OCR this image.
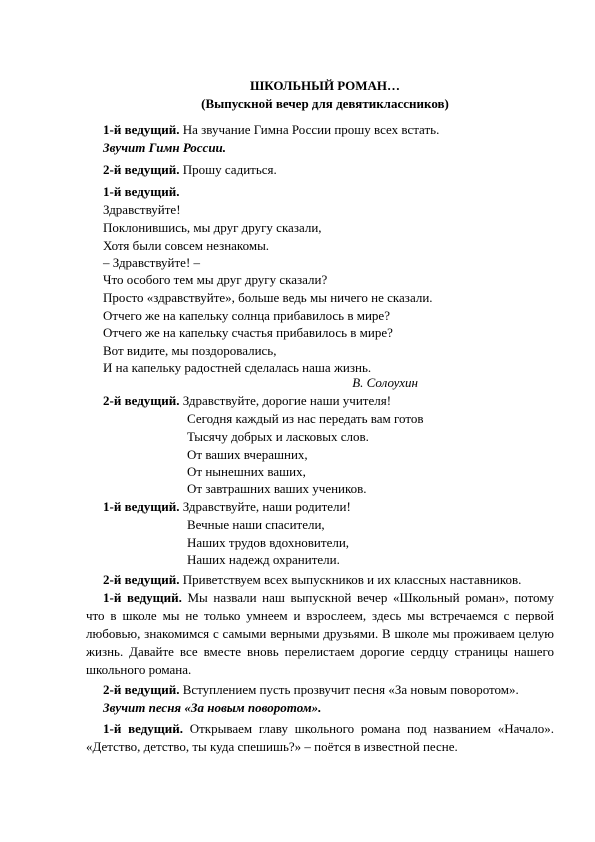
ШКОЛЬНЫЙ РОМАН…
(Выпускной вечер для девятиклассников)
1-й ведущий. На звучание Гимна России прошу всех встать.
Звучит Гимн России.
2-й ведущий. Прошу садиться.
1-й ведущий.
Здравствуйте!
Поклонившись, мы друг другу сказали,
Хотя были совсем незнакомы.
– Здравствуйте! –
Что особого тем мы друг другу сказали?
Просто «здравствуйте», больше ведь мы ничего не сказали.
Отчего же на капельку солнца прибавилось в мире?
Отчего же на капельку счастья прибавилось в мире?
Вот видите, мы поздоровались,
И на капельку радостней сделалась наша жизнь.
В. Солоухин
2-й ведущий. Здравствуйте, дорогие наши учителя!
Сегодня каждый из нас передать вам готов
Тысячу добрых и ласковых слов.
От ваших вчерашних,
От нынешних ваших,
От завтрашних ваших учеников.
1-й ведущий. Здравствуйте, наши родители!
Вечные наши спасители,
Наших трудов вдохновители,
Наших надежд охранители.
2-й ведущий. Приветствуем всех выпускников и их классных наставников.
1-й ведущий. Мы назвали наш выпускной вечер «Школьный роман», потому что в школе мы не только умнеем и взрослеем, здесь мы встречаемся с первой любовью, знакомимся с самыми верными друзьями. В школе мы проживаем целую жизнь. Давайте все вместе вновь перелистаем дорогие сердцу страницы нашего школьного романа.
2-й ведущий. Вступлением пусть прозвучит песня «За новым поворотом».
Звучит песня «За новым поворотом».
1-й ведущий. Открываем главу школьного романа под названием «Начало». «Детство, детство, ты куда спешишь?» – поётся в известной песне.
